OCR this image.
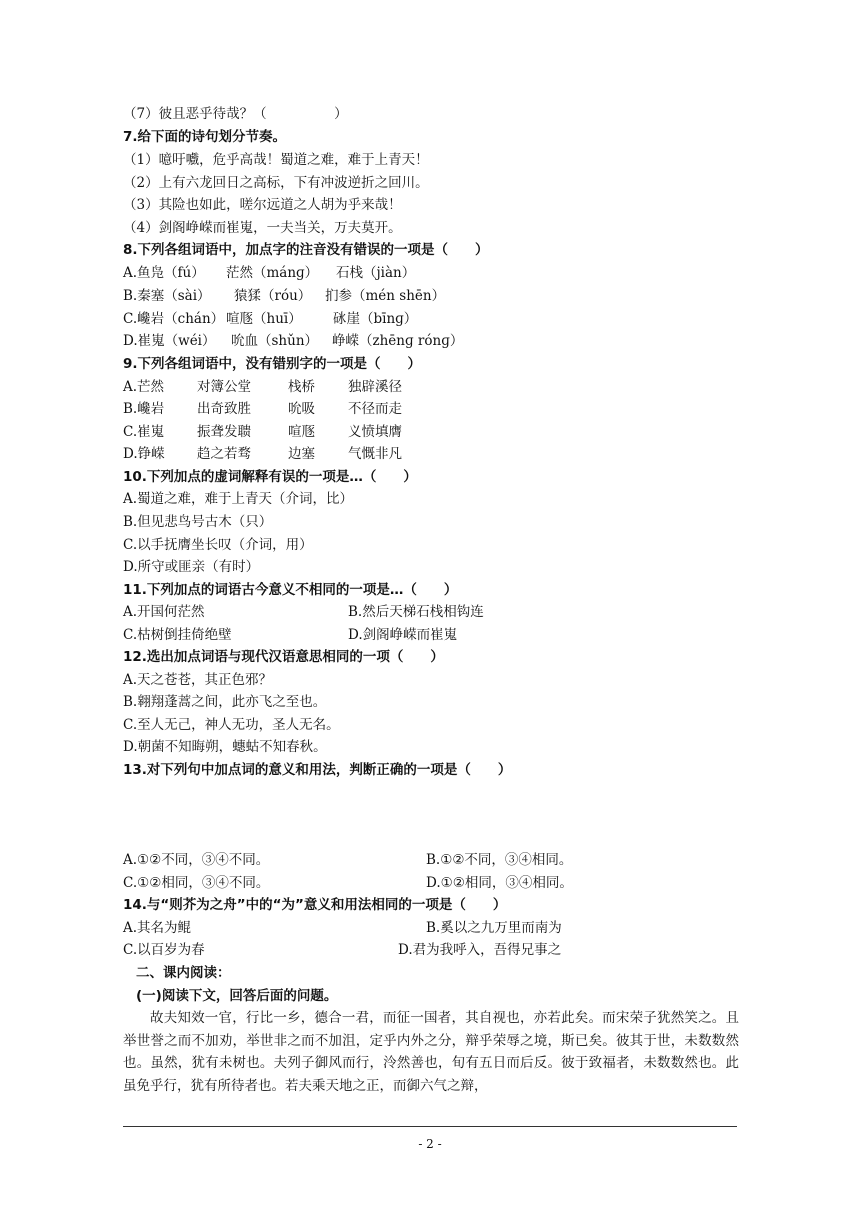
（7）彼且恶乎待哉？（　　　　　）
7.给下面的诗句划分节奏。
（1）噫吁嚱，危乎高哉！蜀道之难，难于上青天！
（2）上有六龙回日之高标，下有冲波逆折之回川。
（3）其险也如此，嗟尔远道之人胡为乎来哉！
（4）剑阁峥嵘而崔嵬，一夫当关，万夫莫开。
8.下列各组词语中，加点字的注音没有错误的一项是（　　）
A.鱼凫（fú） 茫然（mánɡ） 石栈（jiàn）
B.秦塞（sài） 猿猱（róu） 扪参（mén shēn）
C.巉岩（chán） 喧豗（huī） 砯崖（bīnɡ）
D.崔嵬（wéi） 吮血（shǔn） 峥嵘（zhēnɡ rónɡ）
9.下列各组词语中，没有错别字的一项是（　　）
A.芒然 对簿公堂	栈桥 独辟溪径
B.巉岩 出奇致胜	吮吸 不径而走
C.崔嵬 振聋发聩	喧豗 义愤填膺
D.铮嵘 趋之若骛	边塞 气慨非凡
10.下列加点的虚词解释有误的一项是…（　　）
A.蜀道之难，难于上青天（介词，比）
B.但见悲鸟号古木（只）
C.以手抚膺坐长叹（介词，用）
D.所守或匪亲（有时）
11.下列加点的词语古今意义不相同的一项是…（　　）
A.开国何茫然	B.然后天梯石栈相钩连
C.枯树倒挂倚绝壁	D.剑阁峥嵘而崔嵬
12.选出加点词语与现代汉语意思相同的一项（　　）
A.天之苍苍，其正色邪？
B.翱翔蓬蒿之间，此亦飞之至也。
C.至人无己，神人无功，圣人无名。
D.朝菌不知晦朔，蟪蛄不知春秋。
13.对下列句中加点词的意义和用法，判断正确的一项是（　　）
A.①②不同，③④不同。	B.①②不同，③④相同。
C.①②相同，③④不同。	D.①②相同，③④相同。
14.与“则芥为之舟”中的“为”意义和用法相同的一项是（　　）
A.其名为鲲	B.奚以之九万里而南为
C.以百岁为春	D.君为我呼入，吾得兄事之
二、课内阅读：
(一)阅读下文，回答后面的问题。
故夫知效一官，行比一乡，德合一君，而征一国者，其自视也，亦若此矣。而宋荣子犹然笑之。且举世誉之而不加劝，举世非之而不加沮，定乎内外之分，辩乎荣辱之境，斯已矣。彼其于世，未数数然也。虽然，犹有未树也。夫列子御风而行，泠然善也，旬有五日而后反。彼于致福者，未数数然也。此虽免乎行，犹有所待者也。若夫乘天地之正，而御六气之辩，
- 2 -
